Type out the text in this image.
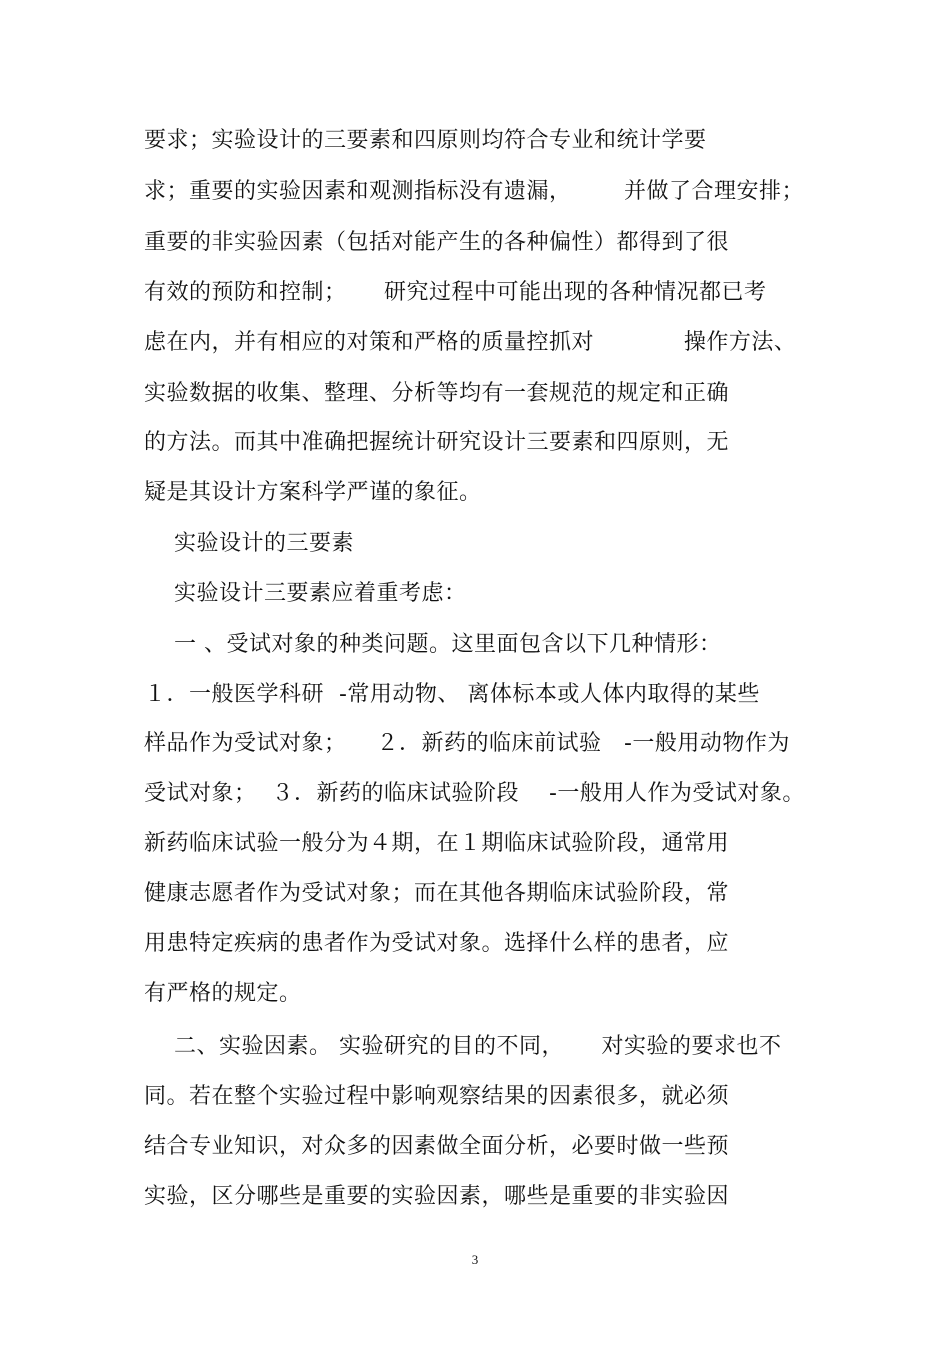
要求；实验设计的三要素和四原则均符合专业和统计学要

求；重要的实验因素和观测指标没有遗漏，       并做了合理安排；

重要的非实验因素（包括对能产生的各种偏性）都得到了很

有效的预防和控制；     研究过程中可能出现的各种情况都已考

虑在内，并有相应的对策和严格的质量控抓对            操作方法、

实验数据的收集、整理、分析等均有一套规范的规定和正确

的方法。而其中准确把握统计研究设计三要素和四原则，无

疑是其设计方案科学严谨的象征。

实验设计的三要素

实验设计三要素应着重考虑：

一 、受试对象的种类问题。这里面包含以下几种情形：

１．一般医学科研  -常用动物、 离体标本或人体内取得的某些

样品作为受试对象；    ２．新药的临床前试验   -一般用动物作为

受试对象；  ３．新药的临床试验阶段    -一般用人作为受试对象。

新药临床试验一般分为４期，在１期临床试验阶段，通常用

健康志愿者作为受试对象；而在其他各期临床试验阶段，常

用患特定疾病的患者作为受试对象。选择什么样的患者，应

有严格的规定。

二、实验因素。 实验研究的目的不同，     对实验的要求也不

同。若在整个实验过程中影响观察结果的因素很多，就必须

结合专业知识，对众多的因素做全面分析，必要时做一些预

实验，区分哪些是重要的实验因素，哪些是重要的非实验因

3
